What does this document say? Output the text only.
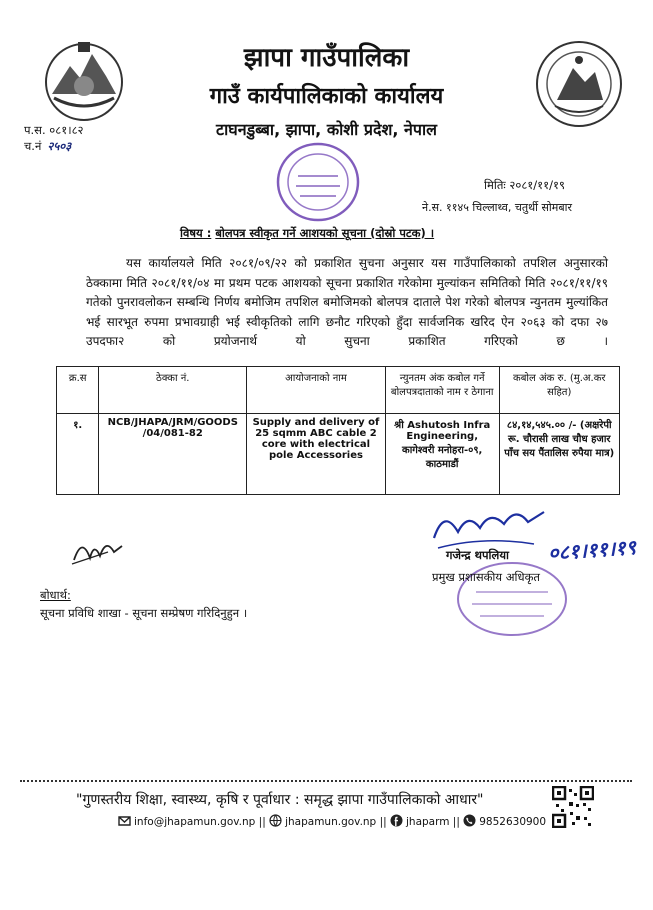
झापा गाउँपालिका
गाउँ कार्यपालिकाको कार्यालय
टाघनडुब्बा, झापा, कोशी प्रदेश, नेपाल
प.स. ०८१।८२
च.नं २५०३
मितिः २०८१/११/१९
ने.स. ११४५ चिल्लाथ्व, चतुर्थी सोमबार
विषय : बोलपत्र स्वीकृत गर्ने आशयको सूचना (दोस्रो पटक) ।
यस कार्यालयले मिति २०८१/०९/२२ को प्रकाशित सुचना अनुसार यस गाउँपालिकाको तपशिल अनुसारको ठेक्कामा मिति २०८१/११/०४ मा प्रथम पटक आशयको सूचना प्रकाशित गरेकोमा मुल्यांकन समितिको मिति २०८१/११/१९ गतेको पुनरावलोकन सम्बन्धि निर्णय बमोजिम तपशिल बमोजिमको बोलपत्र दाताले पेश गरेको बोलपत्र न्युनतम मुल्यांकित भई सारभूत रुपमा प्रभावग्राही भई स्वीकृतिको लागि छनौट गरिएको हुँदा सार्वजनिक खरिद ऐन २०६३ को दफा २७ उपदफा२ को प्रयोजनार्थ यो सुचना प्रकाशित गरिएको छ ।
क्र.स	ठेक्का नं.	आयोजनाको नाम	न्युनतम अंक कबोल गर्ने बोलपत्रदाताको नाम र ठेगाना	कबोल अंक रु. (मु.अ.कर सहित)
१.	NCB/JHAPA/JRM/GOODS /04/081-82	Supply and delivery of 25 sqmm ABC cable 2 core with electrical pole Accessories	श्री Ashutosh Infra Engineering, कागेश्वरी मनोहरा-०९, काठमाडौं	८४,१४,५४५.०० /- (अक्षरेपी रू. चौरासी लाख चौध हजार पाँच सय पैंतालिस रुपैया मात्र)
०८१।११।१९
गजेन्द्र थपलिया
प्रमुख प्रशासकीय अधिकृत
बोधार्थ:
सूचना प्रविधि शाखा - सूचना सम्प्रेषण गरिदिनुहुन ।
"गुणस्तरीय शिक्षा, स्वास्थ्य, कृषि र पूर्वाधार : समृद्ध झापा गाउँपालिकाको आधार"
info@jhapamun.gov.np || jhapamun.gov.np || jhaparm || 9852630900
